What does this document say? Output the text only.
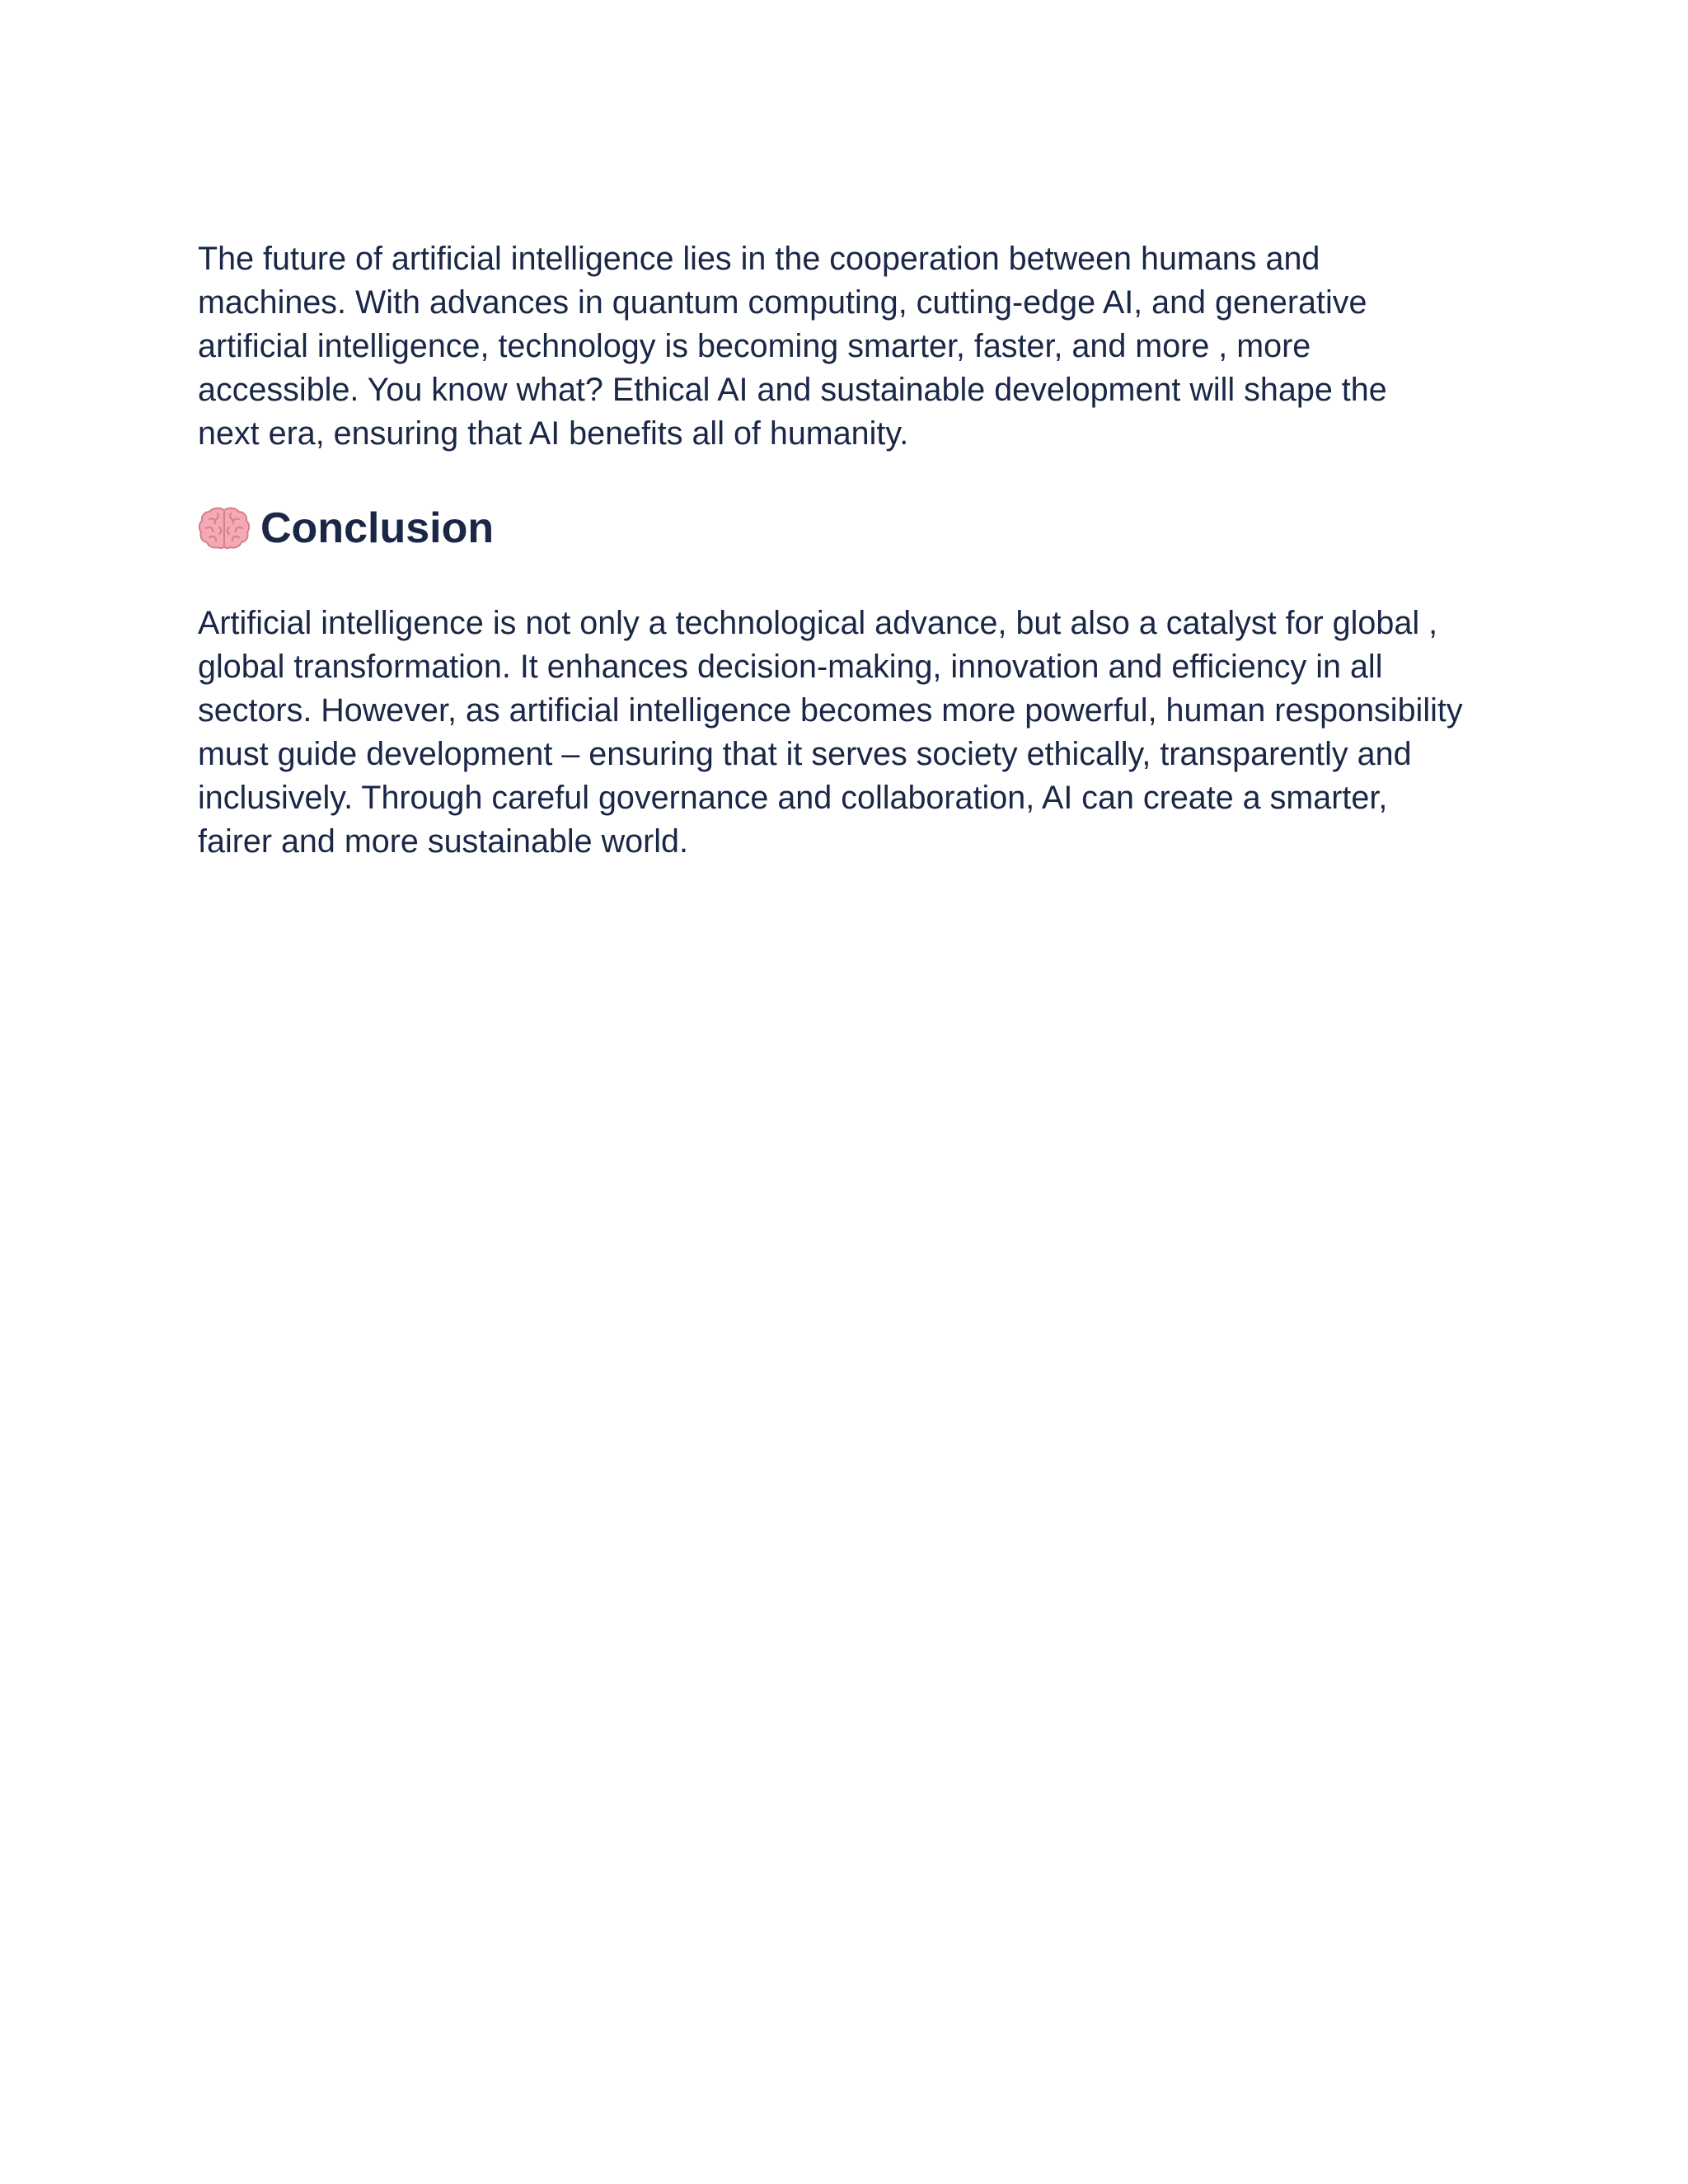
The future of artificial intelligence lies in the cooperation between humans and
machines. With advances in quantum computing, cutting-edge AI, and generative
artificial intelligence, technology is becoming smarter, faster, and more , more
accessible. You know what? Ethical AI and sustainable development will shape the
next era, ensuring that AI benefits all of humanity.

Conclusion

Artificial intelligence is not only a technological advance, but also a catalyst for global ,
global transformation. It enhances decision-making, innovation and efficiency in all
sectors. However, as artificial intelligence becomes more powerful, human responsibility
must guide development – ensuring that it serves society ethically, transparently and
inclusively. Through careful governance and collaboration, AI can create a smarter,
fairer and more sustainable world.
